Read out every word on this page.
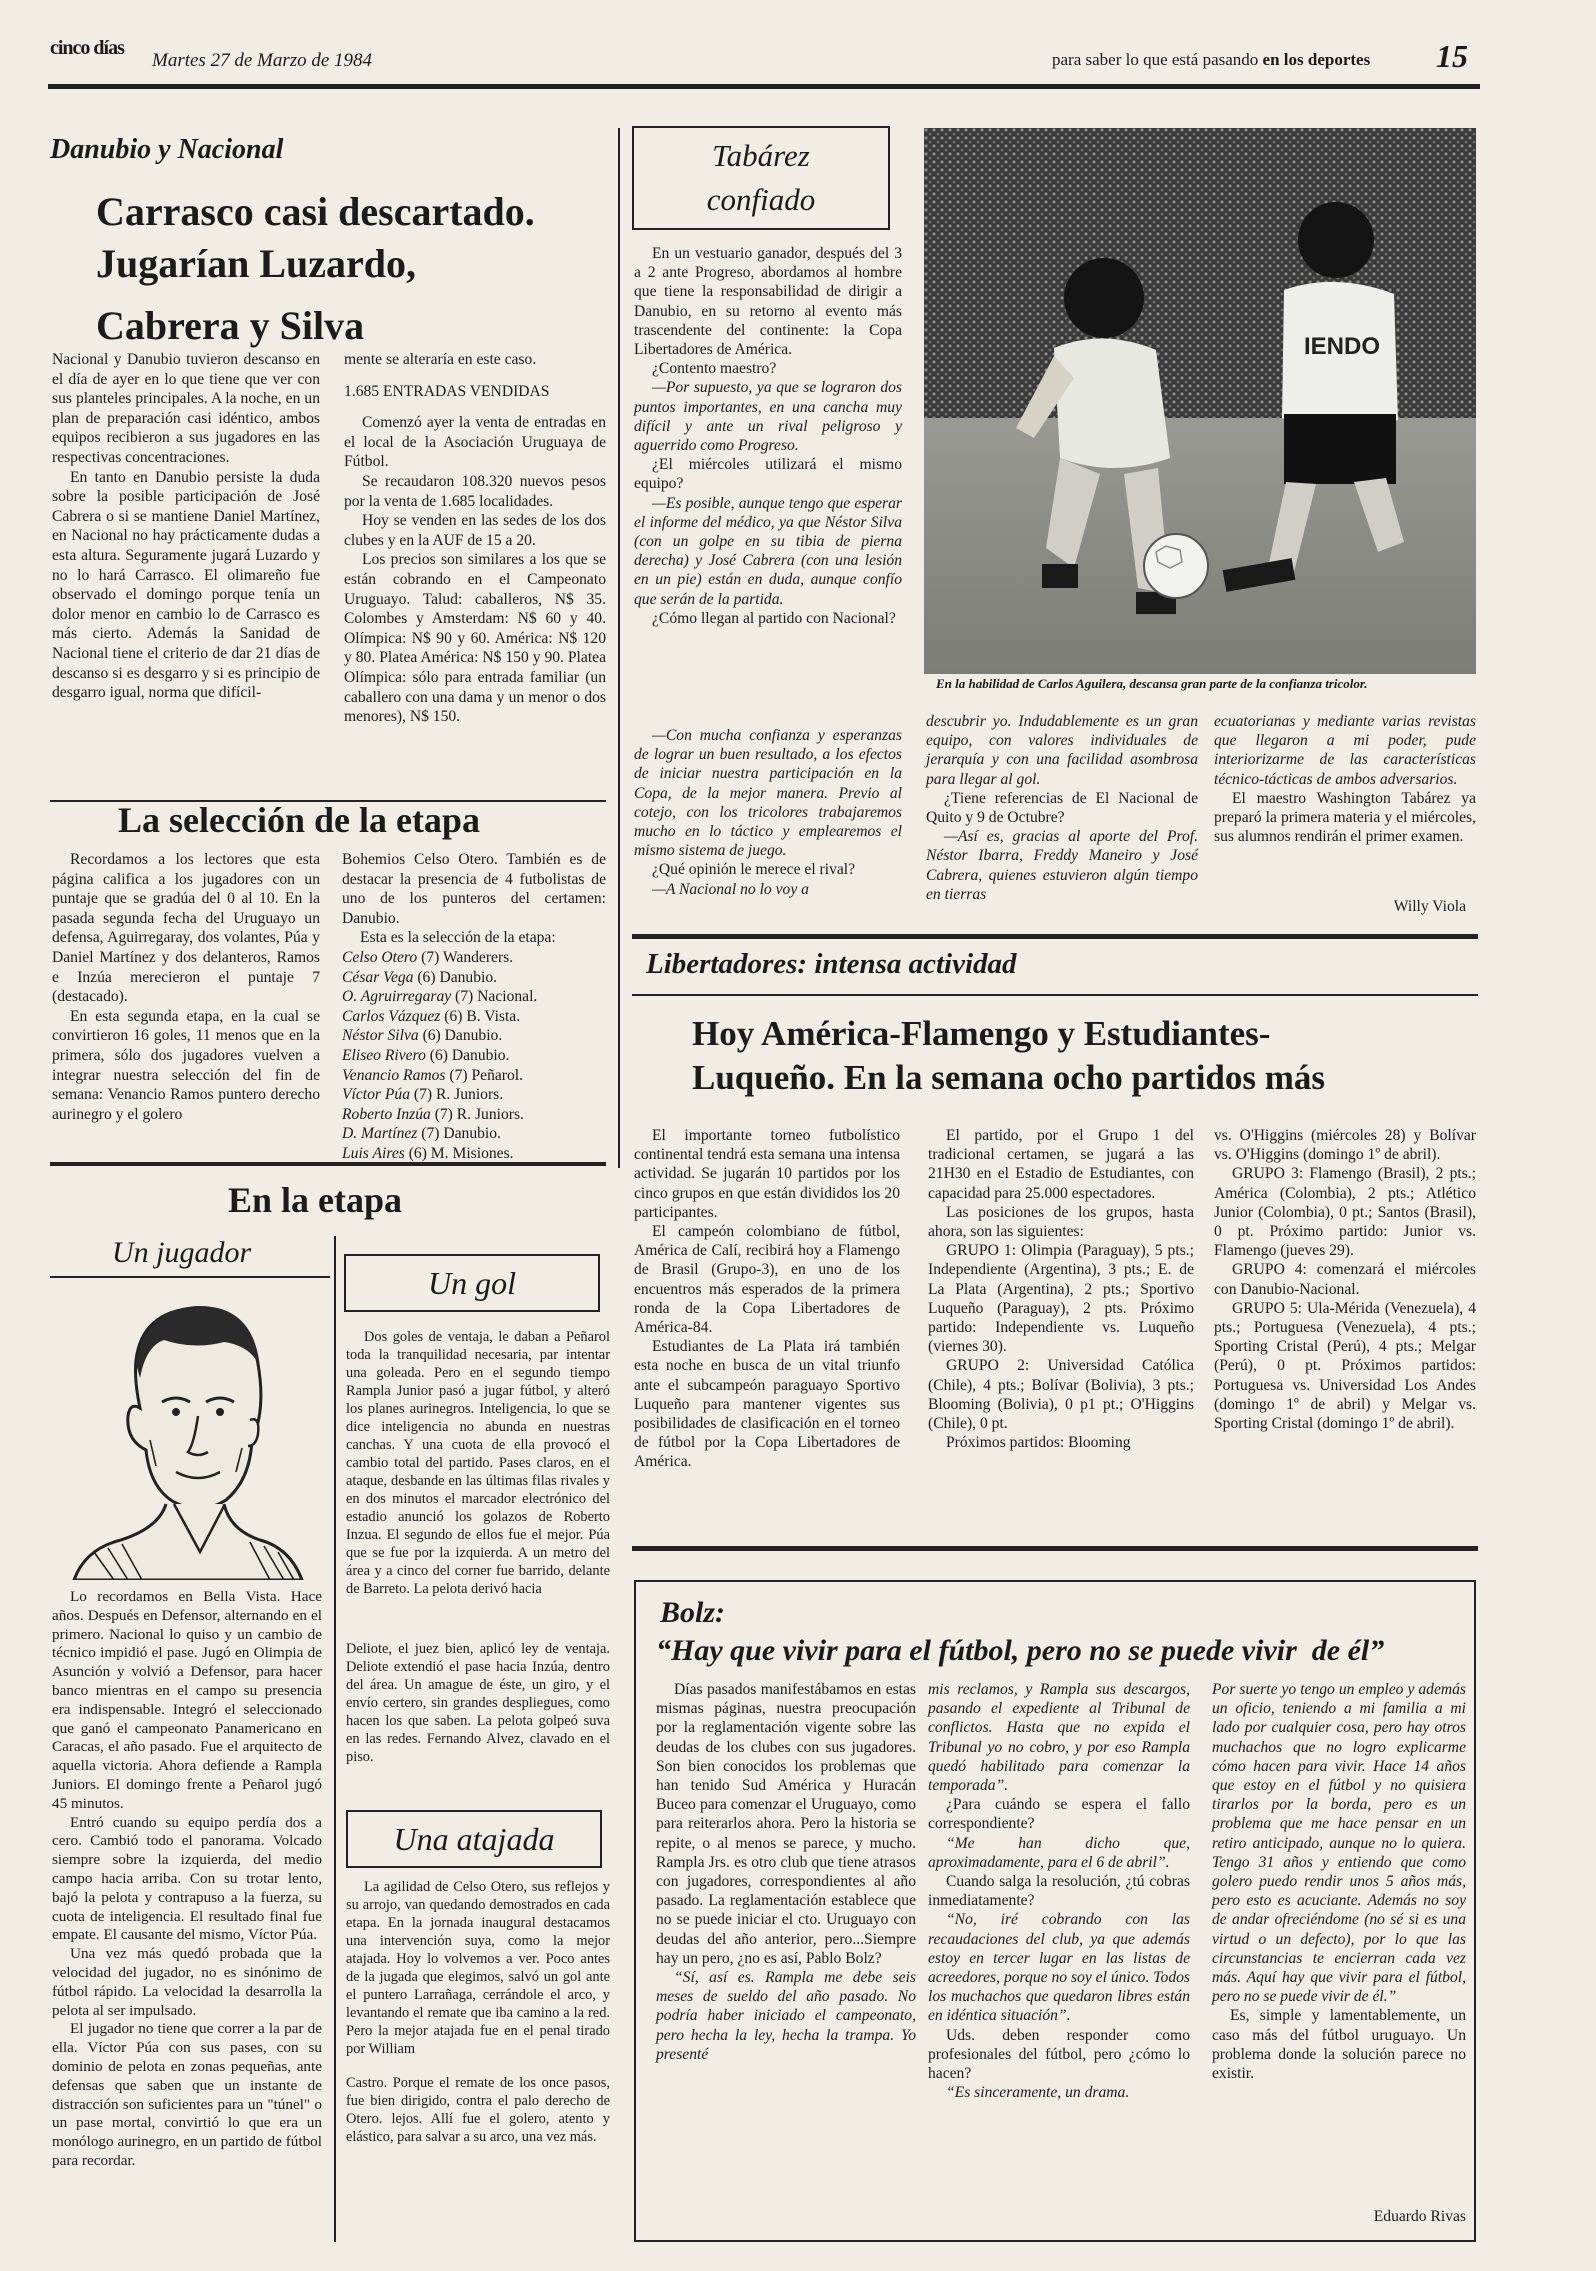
cinco días
Martes 27 de Marzo de 1984	para saber lo que está pasando en los deportes 15
Danubio y Nacional
Carrasco casi descartado.
Jugarían Luzardo,
Cabrera y Silva

Nacional y Danubio tuvieron descanso en el día de ayer en lo que tiene que ver con sus planteles principales. A la noche, en un plan de preparación casi idéntico, ambos equipos recibieron a sus jugadores en las respectivas concentraciones.

En tanto en Danubio persiste la duda sobre la posible participación de José Cabrera o si se mantiene Daniel Martínez, en Nacional no hay prácticamente dudas a esta altura. Seguramente jugará Luzardo y no lo hará Carrasco. El olimareño fue observado el domingo porque tenía un dolor menor en cambio lo de Carrasco es más cierto. Además la Sanidad de Nacional tiene el criterio de dar 21 días de descanso si es desgarro y si es principio de desgarro igual, norma que difícil-

mente se alteraría en este caso.

1.685 ENTRADAS VENDIDAS

Comenzó ayer la venta de entradas en el local de la Asociación Uruguaya de Fútbol.

Se recaudaron 108.320 nuevos pesos por la venta de 1.685 localidades.

Hoy se venden en las sedes de los dos clubes y en la AUF de 15 a 20.

Los precios son similares a los que se están cobrando en el Campeonato Uruguayo. Talud: caballeros, N$ 35. Colombes y Amsterdam: N$ 60 y 40. Olímpica: N$ 90 y 60. América: N$ 120 y 80. Platea América: N$ 150 y 90. Platea Olímpica: sólo para entrada familiar (un caballero con una dama y un menor o dos menores), N$ 150.

La selección de la etapa

Recordamos a los lectores que esta página califica a los jugadores con un puntaje que se gradúa del 0 al 10. En la pasada segunda fecha del Uruguayo un defensa, Aguirregaray, dos volantes, Púa y Daniel Martínez y dos delanteros, Ramos e Inzúa merecieron el puntaje 7 (destacado).

En esta segunda etapa, en la cual se convirtieron 16 goles, 11 menos que en la primera, sólo dos jugadores vuelven a integrar nuestra selección del fin de semana: Venancio Ramos puntero derecho aurinegro y el golero

Bohemios Celso Otero. También es de destacar la presencia de 4 futbolistas de uno de los punteros del certamen: Danubio.

Esta es la selección de la etapa:

Celso Otero (7) Wanderers.
César Vega (6) Danubio.
O. Agruirregaray (7) Nacional.
Carlos Vázquez (6) B. Vista.
Néstor Silva (6) Danubio.
Eliseo Rivero (6) Danubio.
Venancio Ramos (7) Peñarol.
Víctor Púa (7) R. Juniors.
Roberto Inzúa (7) R. Juniors.
D. Martínez (7) Danubio.
Luis Aires (6) M. Misiones.
En la etapa
Un jugador

Lo recordamos en Bella Vista. Hace años. Después en Defensor, alternando en el primero. Nacional lo quiso y un cambio de técnico impidió el pase. Jugó en Olimpia de Asunción y volvió a Defensor, para hacer banco mientras en el campo su presencia era indispensable. Integró el seleccionado que ganó el campeonato Panamericano en Caracas, el año pasado. Fue el arquitecto de aquella victoria. Ahora defiende a Rampla Juniors. El domingo frente a Peñarol jugó 45 minutos.

Entró cuando su equipo perdía dos a cero. Cambió todo el panorama. Volcado siempre sobre la izquierda, del medio campo hacia arriba. Con su trotar lento, bajó la pelota y contrapuso a la fuerza, su cuota de inteligencia. El resultado final fue empate. El causante del mismo, Víctor Púa.

Una vez más quedó probada que la velocidad del jugador, no es sinónimo de fútbol rápido. La velocidad la desarrolla la pelota al ser impulsado.

El jugador no tiene que correr a la par de ella. Víctor Púa con sus pases, con su dominio de pelota en zonas pequeñas, ante defensas que saben que un instante de distracción son suficientes para un "túnel" o un pase mortal, convirtió lo que era un monólogo aurinegro, en un partido de fútbol para recordar.

Un gol

Dos goles de ventaja, le daban a Peñarol toda la tranquilidad necesaria, par intentar una goleada. Pero en el segundo tiempo Rampla Junior pasó a jugar fútbol, y alteró los planes aurinegros. Inteligencia, lo que se dice inteligencia no abunda en nuestras canchas. Y una cuota de ella provocó el cambio total del partido. Pases claros, en el ataque, desbande en las últimas filas rivales y en dos minutos el marcador electrónico del estadio anunció los golazos de Roberto Inzua. El segundo de ellos fue el mejor. Púa que se fue por la izquierda. A un metro del área y a cinco del corner fue barrido, delante de Barreto. La pelota derivó hacia

Deliote, el juez bien, aplicó ley de ventaja. Deliote extendió el pase hacia Inzúa, dentro del área. Un amague de éste, un giro, y el envío certero, sin grandes despliegues, como hacen los que saben. La pelota golpeó suva en las redes. Fernando Alvez, clavado en el piso.

Una atajada

La agilidad de Celso Otero, sus reflejos y su arrojo, van quedando demostrados en cada etapa. En la jornada inaugural destacamos una intervención suya, como la mejor atajada. Hoy lo volvemos a ver. Poco antes de la jugada que elegimos, salvó un gol ante el puntero Larrañaga, cerrándole el arco, y levantando el remate que iba camino a la red. Pero la mejor atajada fue en el penal tirado por William

Castro. Porque el remate de los once pasos, fue bien dirigido, contra el palo derecho de Otero. lejos. Allí fue el golero, atento y elástico, para salvar a su arco, una vez más.

Tabárez
confiado

En un vestuario ganador, después del 3 a 2 ante Progreso, abordamos al hombre que tiene la responsabilidad de dirigir a Danubio, en su retorno al evento más trascendente del continente: la Copa Libertadores de América.

¿Contento maestro?

—Por supuesto, ya que se lograron dos puntos importantes, en una cancha muy difícil y ante un rival peligroso y aguerrido como Progreso.

¿El miércoles utilizará el mismo equipo?

—Es posible, aunque tengo que esperar el informe del médico, ya que Néstor Silva (con un golpe en su tibia de pierna derecha) y José Cabrera (con una lesión en un pie) están en duda, aunque confío que serán de la partida.

¿Cómo llegan al partido con Nacional?

—Con mucha confianza y esperanzas de lograr un buen resultado, a los efectos de iniciar nuestra participación en la Copa, de la mejor manera. Previo al cotejo, con los tricolores trabajaremos mucho en lo táctico y emplearemos el mismo sistema de juego.

¿Qué opinión le merece el rival?

—A Nacional no lo voy a

IENDO
En la habilidad de Carlos Aguilera, descansa gran parte de la confianza tricolor.

descubrir yo. Indudablemente es un gran equipo, con valores individuales de jerarquía y con una facilidad asombrosa para llegar al gol.

¿Tiene referencias de El Nacional de Quito y 9 de Octubre?

—Así es, gracias al aporte del Prof. Néstor Ibarra, Freddy Maneiro y José Cabrera, quienes estuvieron algún tiempo en tierras

ecuatorianas y mediante varias revistas que llegaron a mi poder, pude interiorizarme de las características técnico-tácticas de ambos adversarios.

El maestro Washington Tabárez ya preparó la primera materia y el miércoles, sus alumnos rendirán el primer examen.

Willy Viola
Libertadores: intensa actividad
Hoy América-Flamengo y Estudiantes-
Luqueño. En la semana ocho partidos más

El importante torneo futbolístico continental tendrá esta semana una intensa actividad. Se jugarán 10 partidos por los cinco grupos en que están divididos los 20 participantes.

El campeón colombiano de fútbol, América de Calí, recibirá hoy a Flamengo de Brasil (Grupo-3), en uno de los encuentros más esperados de la primera ronda de la Copa Libertadores de América-84.

Estudiantes de La Plata irá también esta noche en busca de un vital triunfo ante el subcampeón paraguayo Sportivo Luqueño para mantener vigentes sus posibilidades de clasificación en el torneo de fútbol por la Copa Libertadores de América.

El partido, por el Grupo 1 del tradicional certamen, se jugará a las 21H30 en el Estadio de Estudiantes, con capacidad para 25.000 espectadores.

Las posiciones de los grupos, hasta ahora, son las siguientes:

GRUPO 1: Olimpia (Paraguay), 5 pts.; Independiente (Argentina), 3 pts.; E. de La Plata (Argentina), 2 pts.; Sportivo Luqueño (Paraguay), 2 pts. Próximo partido: Independiente vs. Luqueño (viernes 30).

GRUPO 2: Universidad Católica (Chile), 4 pts.; Bolívar (Bolivia), 3 pts.; Blooming (Bolivia), 0 p1 pt.; O'Higgins (Chile), 0 pt.

Próximos partidos: Blooming

vs. O'Higgins (miércoles 28) y Bolívar vs. O'Higgins (domingo 1º de abril).

GRUPO 3: Flamengo (Brasil), 2 pts.; América (Colombia), 2 pts.; Atlético Junior (Colombia), 0 pt.; Santos (Brasil), 0 pt. Próximo partido: Junior vs. Flamengo (jueves 29).

GRUPO 4: comenzará el miércoles con Danubio-Nacional.

GRUPO 5: Ula-Mérida (Venezuela), 4 pts.; Portuguesa (Venezuela), 4 pts.; Sporting Cristal (Perú), 4 pts.; Melgar (Perú), 0 pt. Próximos partidos: Portuguesa vs. Universidad Los Andes (domingo 1º de abril) y Melgar vs. Sporting Cristal (domingo 1º de abril).

Bolz:
“Hay que vivir para el fútbol, pero no se puede vivir  de él”

Días pasados manifestábamos en estas mismas páginas, nuestra preocupación por la reglamentación vigente sobre las deudas de los clubes con sus jugadores. Son bien conocidos los problemas que han tenido Sud América y Huracán Buceo para comenzar el Uruguayo, como para reiterarlos ahora. Pero la historia se repite, o al menos se parece, y mucho. Rampla Jrs. es otro club que tiene atrasos con jugadores, correspondientes al año pasado. La reglamentación establece que no se puede iniciar el cto. Uruguayo con deudas del año anterior, pero...Siempre hay un pero, ¿no es así, Pablo Bolz?

“Sí, así es. Rampla me debe seis meses de sueldo del año pasado. No podría haber iniciado el campeonato, pero hecha la ley, hecha la trampa. Yo presenté

mis reclamos, y Rampla sus descargos, pasando el expediente al Tribunal de conflictos. Hasta que no expida el Tribunal yo no cobro, y por eso Rampla quedó habilitado para comenzar la temporada”.

¿Para cuándo se espera el fallo correspondiente?

“Me han dicho que, aproximadamente, para el 6 de abril”.

Cuando salga la resolución, ¿tú cobras inmediatamente?

“No, iré cobrando con las recaudaciones del club, ya que además estoy en tercer lugar en las listas de acreedores, porque no soy el único. Todos los muchachos que quedaron libres están en idéntica situación”.

Uds. deben responder como profesionales del fútbol, pero ¿cómo lo hacen?

“Es sinceramente, un drama.

Por suerte yo tengo un empleo y además un oficio, teniendo a mi familia a mi lado por cualquier cosa, pero hay otros muchachos que no logro explicarme cómo hacen para vivir. Hace 14 años que estoy en el fútbol y no quisiera tirarlos por la borda, pero es un problema que me hace pensar en un retiro anticipado, aunque no lo quiera. Tengo 31 años y entiendo que como golero puedo rendir unos 5 años más, pero esto es acuciante. Además no soy de andar ofreciéndome (no sé si es una virtud o un defecto), por lo que las circunstancias te encierran cada vez más. Aquí hay que vivir para el fútbol, pero no se puede vivir de él.”

Es, simple y lamentablemente, un caso más del fútbol uruguayo. Un problema donde la solución parece no existir.

Eduardo Rivas
